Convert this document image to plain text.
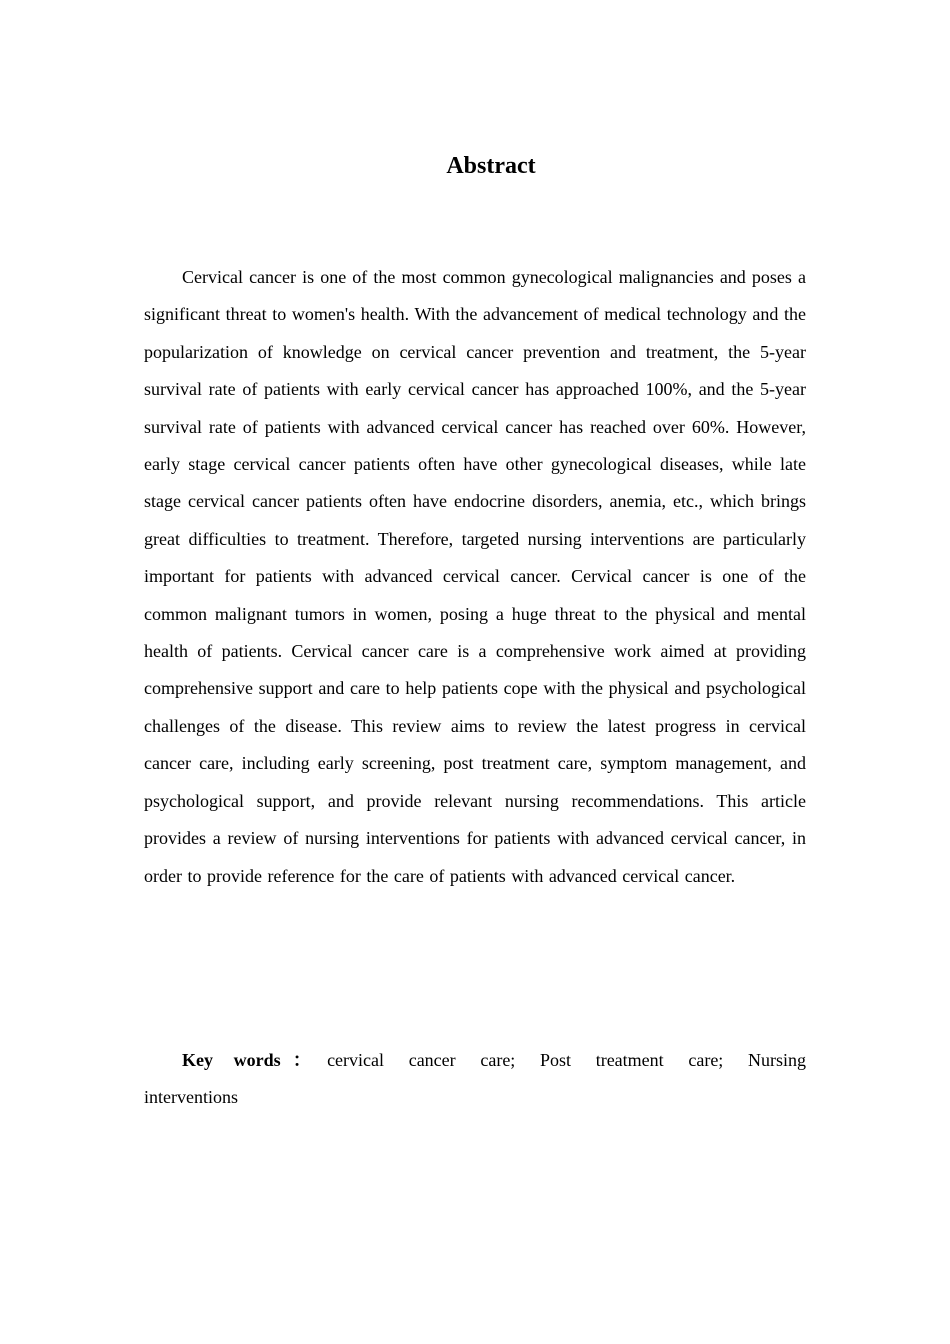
Abstract

Cervical cancer is one of the most common gynecological malignancies and poses a significant threat to women's health. With the advancement of medical technology and the popularization of knowledge on cervical cancer prevention and treatment, the 5-year survival rate of patients with early cervical cancer has approached 100%, and the 5-year survival rate of patients with advanced cervical cancer has reached over 60%. However, early stage cervical cancer patients often have other gynecological diseases, while late stage cervical cancer patients often have endocrine disorders, anemia, etc., which brings great difficulties to treatment. Therefore, targeted nursing interventions are particularly important for patients with advanced cervical cancer. Cervical cancer is one of the common malignant tumors in women, posing a huge threat to the physical and mental health of patients. Cervical cancer care is a comprehensive work aimed at providing comprehensive support and care to help patients cope with the physical and psychological challenges of the disease. This review aims to review the latest progress in cervical cancer care, including early screening, post treatment care, symptom management, and psychological support, and provide relevant nursing recommendations. This article provides a review of nursing interventions for patients with advanced cervical cancer, in order to provide reference for the care of patients with advanced cervical cancer.

Key words ： cervical cancer care; Post treatment care; Nursing interventions
